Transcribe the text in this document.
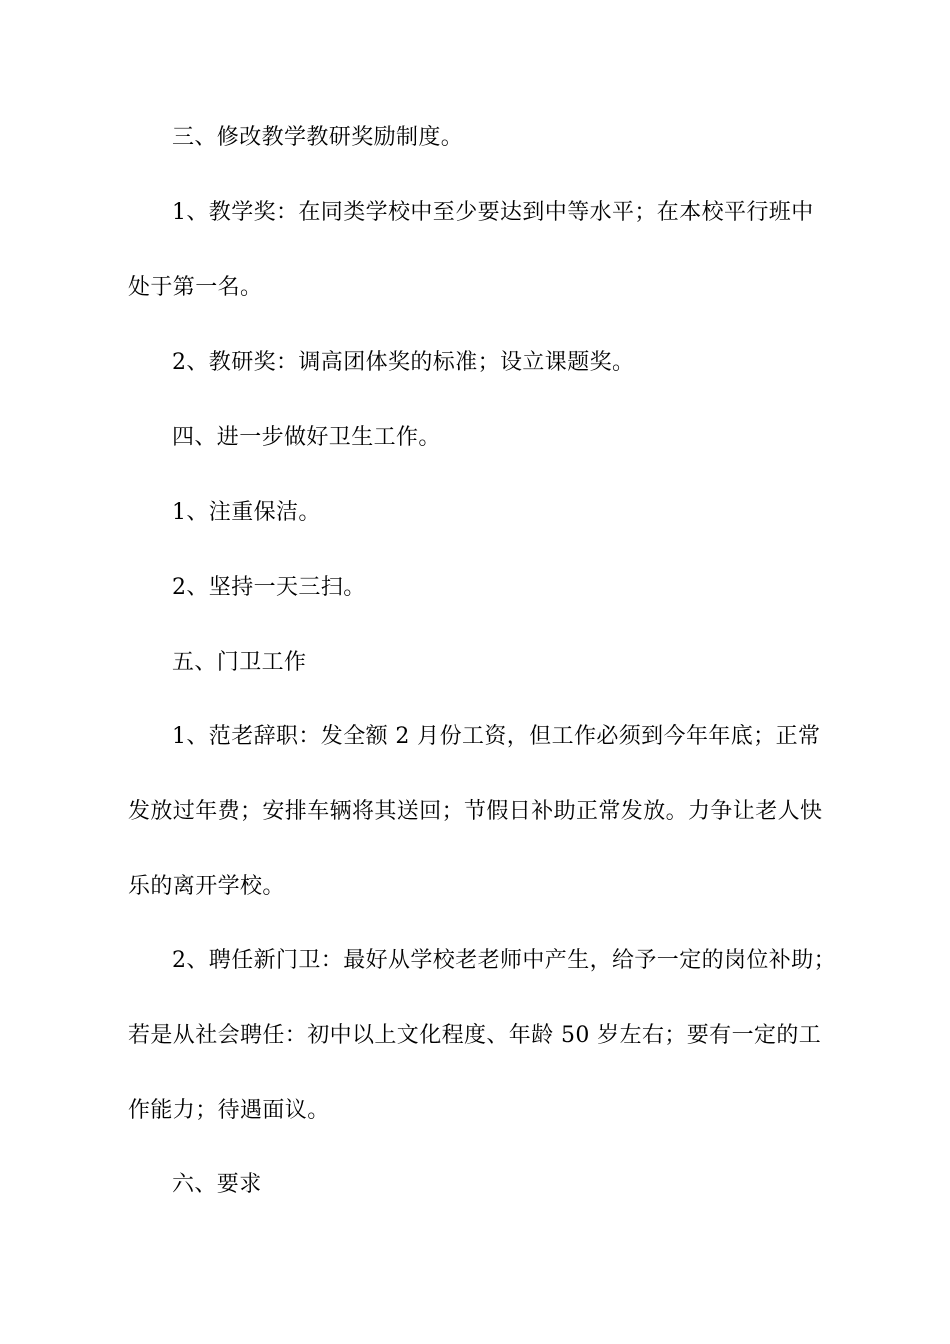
三、修改教学教研奖励制度。
1、教学奖：在同类学校中至少要达到中等水平；在本校平行班中
处于第一名。
2、教研奖：调高团体奖的标准；设立课题奖。
四、进一步做好卫生工作。
1、注重保洁。
2、坚持一天三扫。
五、门卫工作
1、范老辞职：发全额 2 月份工资，但工作必须到今年年底；正常
发放过年费；安排车辆将其送回；节假日补助正常发放。力争让老人快
乐的离开学校。
2、聘任新门卫：最好从学校老老师中产生，给予一定的岗位补助；
若是从社会聘任：初中以上文化程度、年龄 50 岁左右；要有一定的工
作能力；待遇面议。
六、要求
